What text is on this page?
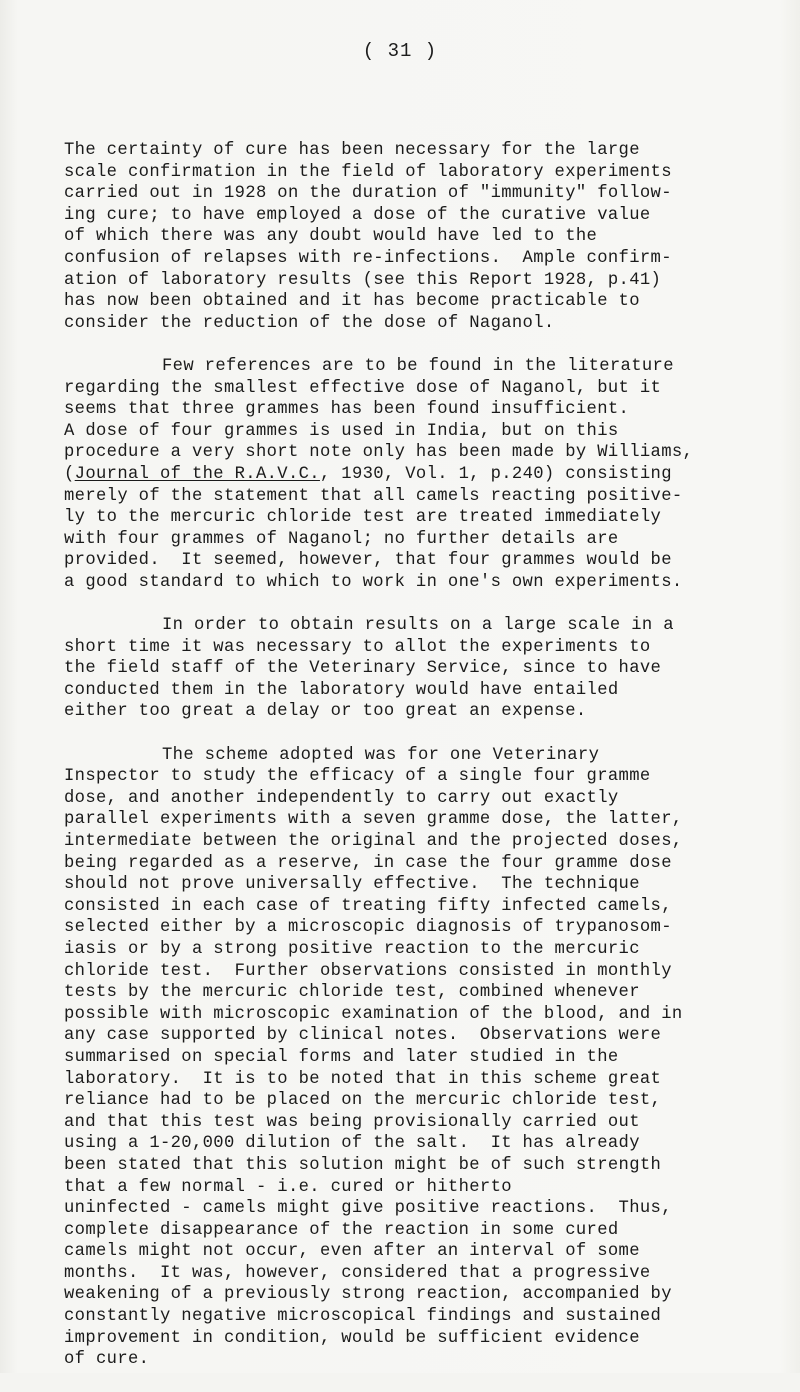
( 31 )
The certainty of cure has been necessary for the large
scale confirmation in the field of laboratory experiments
carried out in 1928 on the duration of "immunity" follow-
ing cure; to have employed a dose of the curative value
of which there was any doubt would have led to the
confusion of relapses with re-infections.  Ample confirm-
ation of laboratory results (see this Report 1928, p.41)
has now been obtained and it has become practicable to
consider the reduction of the dose of Naganol.
Few references are to be found in the literature
regarding the smallest effective dose of Naganol, but it
seems that three grammes has been found insufficient.
A dose of four grammes is used in India, but on this
procedure a very short note only has been made by Williams,
(Journal of the R.A.V.C., 1930, Vol. 1, p.240) consisting
merely of the statement that all camels reacting positive-
ly to the mercuric chloride test are treated immediately
with four grammes of Naganol; no further details are
provided.  It seemed, however, that four grammes would be
a good standard to which to work in one's own experiments.
In order to obtain results on a large scale in a
short time it was necessary to allot the experiments to
the field staff of the Veterinary Service, since to have
conducted them in the laboratory would have entailed
either too great a delay or too great an expense.
The scheme adopted was for one Veterinary
Inspector to study the efficacy of a single four gramme
dose, and another independently to carry out exactly
parallel experiments with a seven gramme dose, the latter,
intermediate between the original and the projected doses,
being regarded as a reserve, in case the four gramme dose
should not prove universally effective.  The technique
consisted in each case of treating fifty infected camels,
selected either by a microscopic diagnosis of trypanosom-
iasis or by a strong positive reaction to the mercuric
chloride test.  Further observations consisted in monthly
tests by the mercuric chloride test, combined whenever
possible with microscopic examination of the blood, and in
any case supported by clinical notes.  Observations were
summarised on special forms and later studied in the
laboratory.  It is to be noted that in this scheme great
reliance had to be placed on the mercuric chloride test,
and that this test was being provisionally carried out
using a 1-20,000 dilution of the salt.  It has already
been stated that this solution might be of such strength
that a few normal - i.e. cured or hitherto
uninfected - camels might give positive reactions.  Thus,
complete disappearance of the reaction in some cured
camels might not occur, even after an interval of some
months.  It was, however, considered that a progressive
weakening of a previously strong reaction, accompanied by
constantly negative microscopical findings and sustained
improvement in condition, would be sufficient evidence
of cure.
